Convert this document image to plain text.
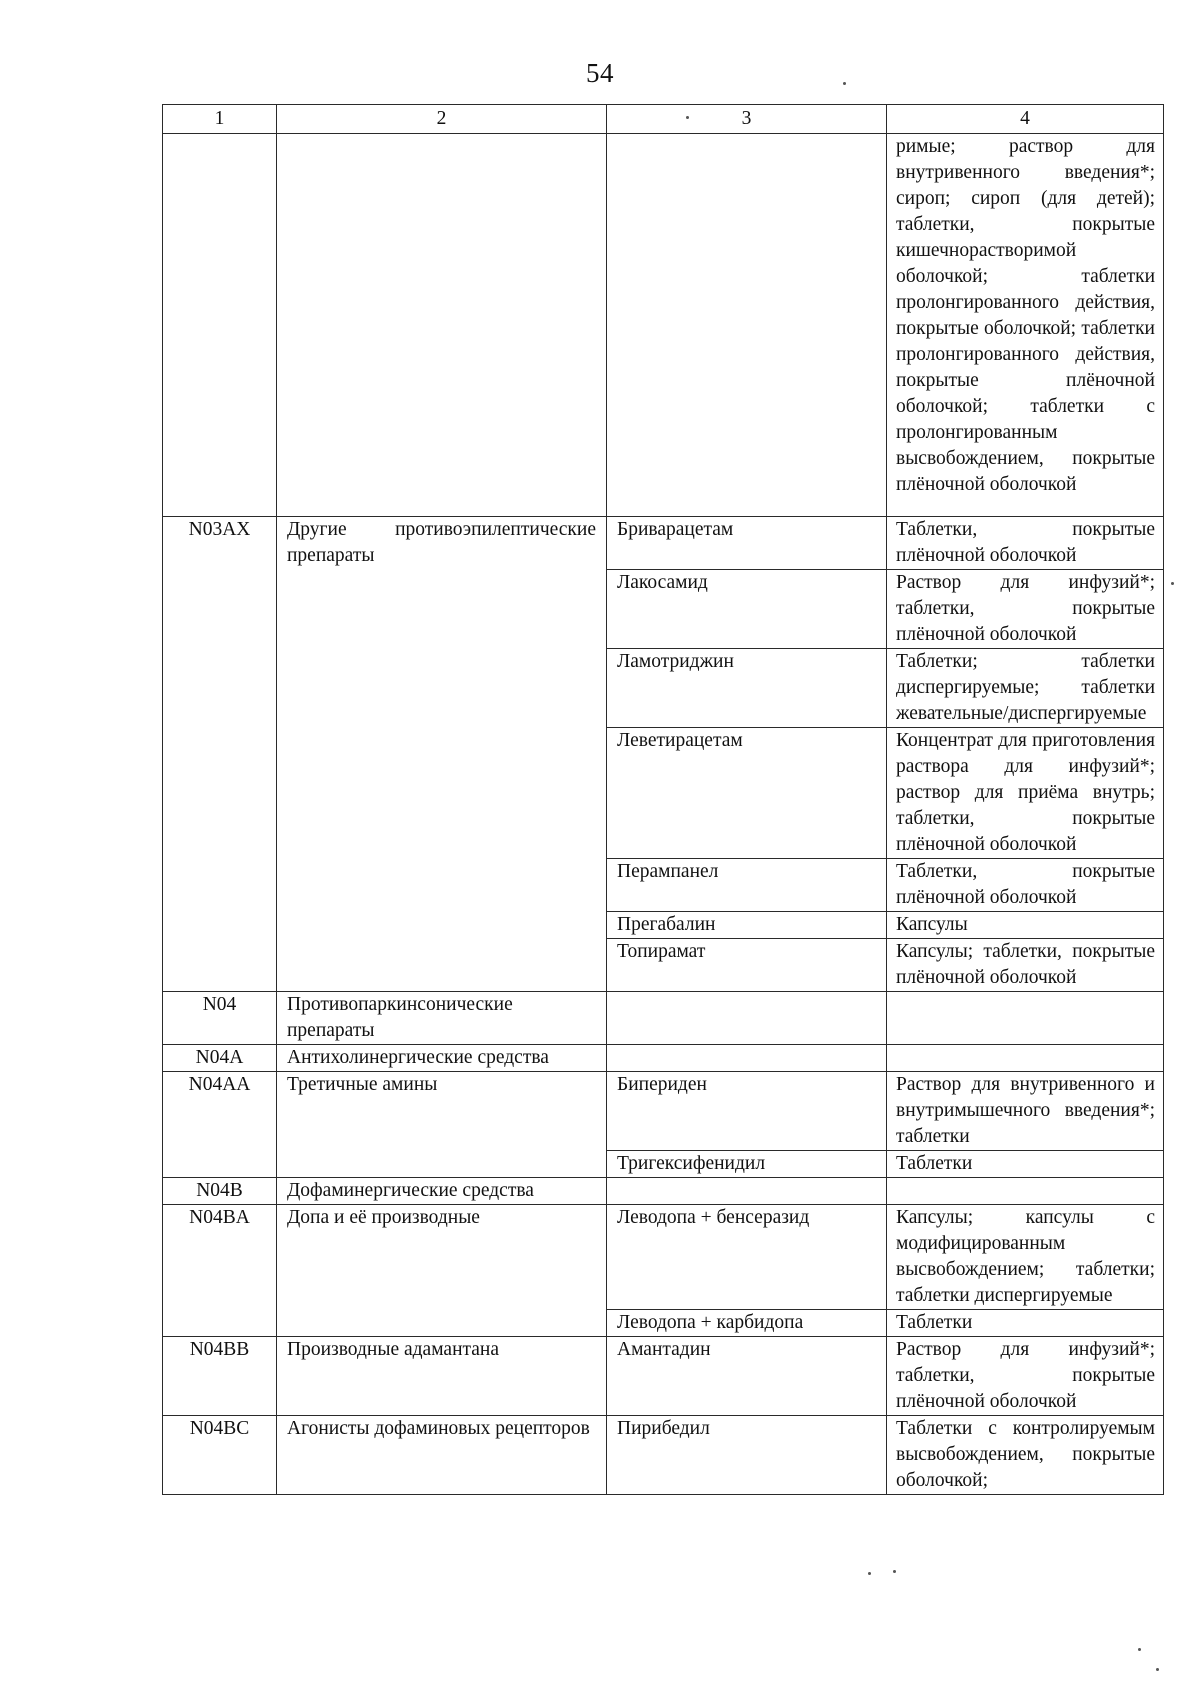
54
1	2	3	4
			римые; раствор для внутривенного введения*; сироп; сироп (для детей); таблетки, покрытые кишечнорастворимой оболочкой; таблетки пролонгированного действия, покрытые оболочкой; таблетки пролонгированного действия, покрытые плёночной оболочкой; таблетки с пролонгированным высвобождением, покрытые плёночной оболочкой
N03AX	Другие противоэпилептические препараты	Бриварацетам	Таблетки, покрытые плёночной оболочкой
		Лакосамид	Раствор для инфузий*; таблетки, покрытые плёночной оболочкой
		Ламотриджин	Таблетки; таблетки диспергируемые; таблетки жевательные/диспергируемые
		Леветирацетам	Концентрат для приготовления раствора для инфузий*; раствор для приёма внутрь; таблетки, покрытые плёночной оболочкой
		Перампанел	Таблетки, покрытые плёночной оболочкой
		Прегабалин	Капсулы
		Топирамат	Капсулы; таблетки, покрытые плёночной оболочкой
N04	Противопаркинсонические препараты		
N04A	Антихолинергические средства		
N04AA	Третичные амины	Бипериден	Раствор для внутривенного и внутримышечного введения*; таблетки
		Тригексифенидил	Таблетки
N04B	Дофаминергические средства		
N04BA	Допа и её производные	Леводопа + бенсеразид	Капсулы; капсулы с модифицированным высвобождением; таблетки; таблетки диспергируемые
		Леводопа + карбидопа	Таблетки
N04BB	Производные адамантана	Амантадин	Раствор для инфузий*; таблетки, покрытые плёночной оболочкой
N04BC	Агонисты дофаминовых рецепторов	Пирибедил	Таблетки с контролируемым высвобождением, покрытые оболочкой;
